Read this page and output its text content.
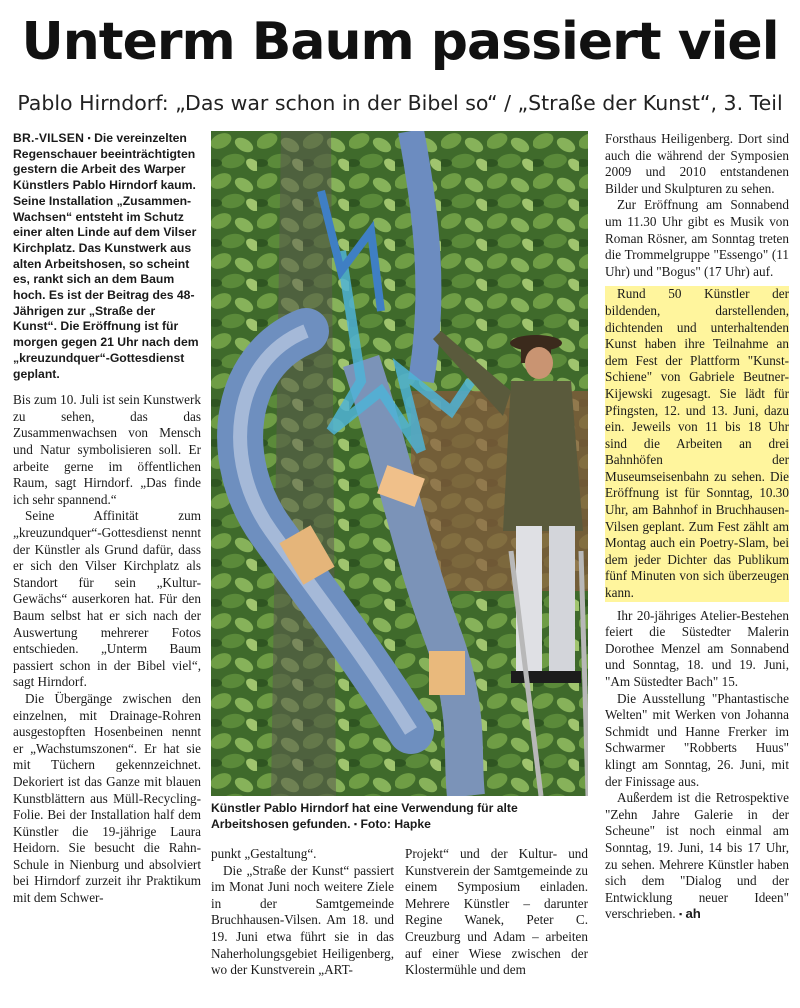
Unterm Baum passiert viel
Pablo Hirndorf: „Das war schon in der Bibel so“ / „Straße der Kunst“, 3. Teil

BR.-VILSEN ▪ Die vereinzelten Regenschauer beeinträchtigten gestern die Arbeit des Warper Künstlers Pablo Hirndorf kaum. Seine Installation „Zusammen-Wachsen“ entsteht im Schutz einer alten Linde auf dem Vilser Kirchplatz. Das Kunstwerk aus alten Arbeitshosen, so scheint es, rankt sich an dem Baum hoch. Es ist der Beitrag des 48-Jährigen zur „Straße der Kunst“. Die Eröffnung ist für morgen gegen 21 Uhr nach dem „kreuzundquer“-Gottesdienst geplant.

Bis zum 10. Juli ist sein Kunstwerk zu sehen, das das Zusammenwachsen von Mensch und Natur symbolisieren soll. Er arbeite gerne im öffentlichen Raum, sagt Hirndorf. „Das finde ich sehr spannend.“

Seine Affinität zum „kreuzundquer“-Gottesdienst nennt der Künstler als Grund dafür, dass er sich den Vilser Kirchplatz als Standort für sein „Kultur-Gewächs“ auserkoren hat. Für den Baum selbst hat er sich nach der Auswertung mehrerer Fotos entschieden. „Unterm Baum passiert schon in der Bibel viel“, sagt Hirndorf.

Die Übergänge zwischen den einzelnen, mit Drainage-Rohren ausgestopften Hosenbeinen nennt er „Wachstumszonen“. Er hat sie mit Tüchern gekennzeichnet. Dekoriert ist das Ganze mit blauen Kunstblättern aus Müll-Recycling-Folie. Bei der Installation half dem Künstler die 19-jährige Laura Heidorn. Sie besucht die Rahn-Schule in Nienburg und absolviert bei Hirndorf zurzeit ihr Praktikum mit dem Schwer-

Künstler Pablo Hirndorf hat eine Verwendung für alte Arbeitshosen gefunden. ▪ Foto: Hapke

punkt „Gestaltung“.

Die „Straße der Kunst“ passiert im Monat Juni noch weitere Ziele in der Samtgemeinde Bruchhausen-Vilsen. Am 18. und 19. Juni etwa führt sie in das Naherholungsgebiet Heiligenberg, wo der Kunstverein „ART-

Projekt“ und der Kultur- und Kunstverein der Samtgemeinde zu einem Symposium einladen. Mehrere Künstler – darunter Regine Wanek, Peter C. Creuzburg und Adam – arbeiten auf einer Wiese zwischen der Klostermühle und dem

Forsthaus Heiligenberg. Dort sind auch die während der Symposien 2009 und 2010 entstandenen Bilder und Skulpturen zu sehen.

Zur Eröffnung am Sonnabend um 11.30 Uhr gibt es Musik von Roman Rösner, am Sonntag treten die Trommelgruppe "Essengo" (11 Uhr) und "Bogus" (17 Uhr) auf.

Rund 50 Künstler der bildenden, darstellenden, dichtenden und unterhaltenden Kunst haben ihre Teilnahme an dem Fest der Plattform "Kunst-Schiene" von Gabriele Beutner-Kijewski zugesagt. Sie lädt für Pfingsten, 12. und 13. Juni, dazu ein. Jeweils von 11 bis 18 Uhr sind die Arbeiten an drei Bahnhöfen der Museumseisenbahn zu sehen. Die Eröffnung ist für Sonntag, 10.30 Uhr, am Bahnhof in Bruchhausen-Vilsen geplant. Zum Fest zählt am Montag auch ein Poetry-Slam, bei dem jeder Dichter das Publikum fünf Minuten von sich überzeugen kann.

Ihr 20-jähriges Atelier-Bestehen feiert die Süstedter Malerin Dorothee Menzel am Sonnabend und Sonntag, 18. und 19. Juni, "Am Süstedter Bach" 15.

Die Ausstellung "Phantastische Welten" mit Werken von Johanna Schmidt und Hanne Frerker im Schwarmer "Robberts Huus" klingt am Sonntag, 26. Juni, mit der Finissage aus.

Außerdem ist die Retrospektive "Zehn Jahre Galerie in der Scheune" ist noch einmal am Sonntag, 19. Juni, 14 bis 17 Uhr, zu sehen. Mehrere Künstler haben sich dem "Dialog und der Entwicklung neuer Ideen" verschrieben. ▪ ah
